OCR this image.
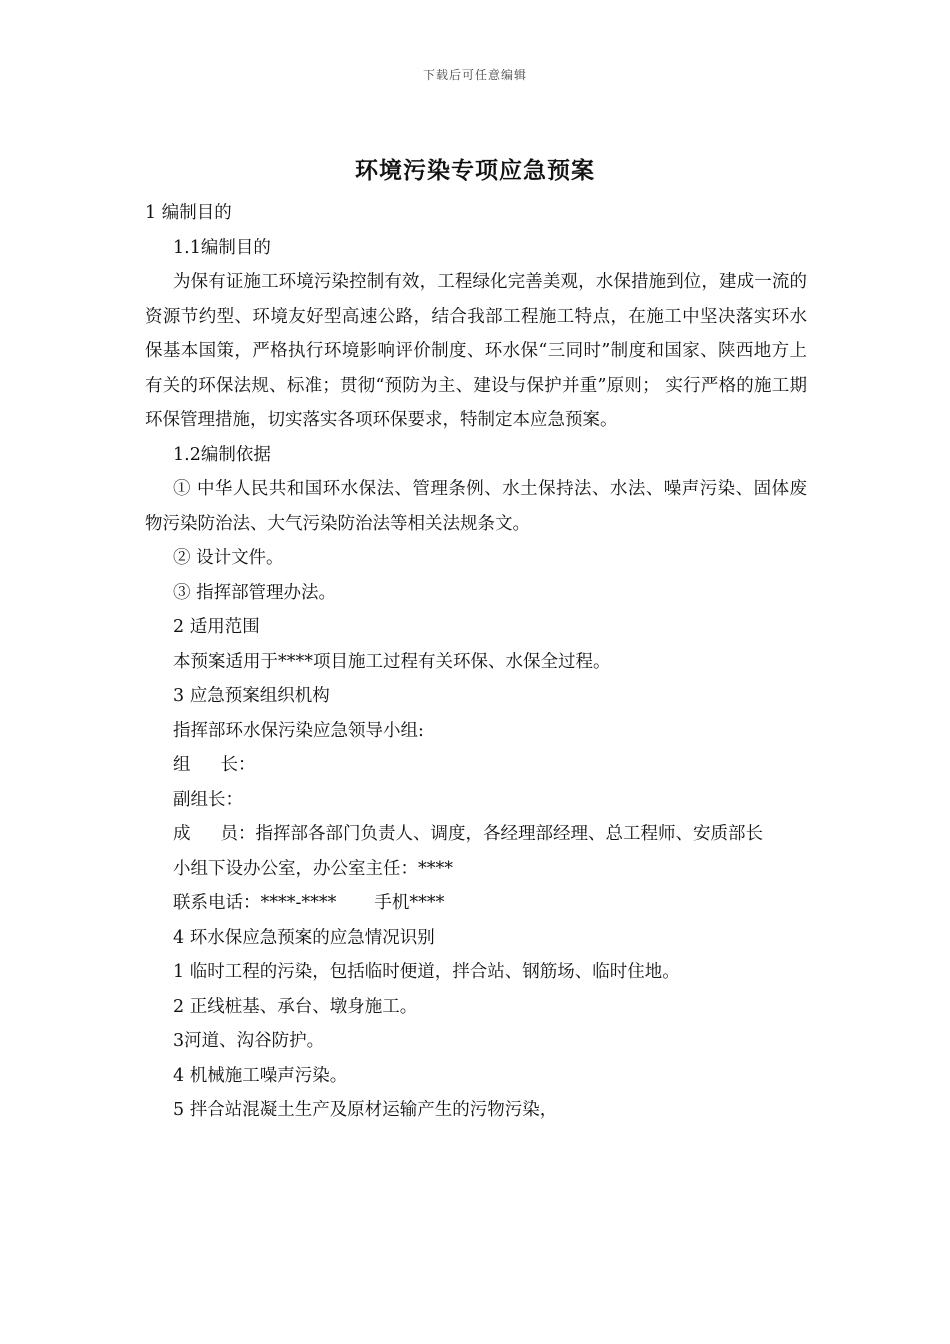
下载后可任意编辑
环境污染专项应急预案

1 编制目的

1.1编制目的

为保有证施工环境污染控制有效，工程绿化完善美观，水保措施到位，建成一流的资源节约型、环境友好型高速公路，结合我部工程施工特点，在施工中坚决落实环水保基本国策，严格执行环境影响评价制度、环水保“三同时”制度和国家、陕西地方上有关的环保法规、标准；贯彻“预防为主、建设与保护并重”原则； 实行严格的施工期环保管理措施，切实落实各项环保要求，特制定本应急预案。

1.2编制依据

① 中华人民共和国环水保法、管理条例、水土保持法、水法、噪声污染、固体废物污染防治法、大气污染防治法等相关法规条文。

② 设计文件。

③ 指挥部管理办法。

2 适用范围

本预案适用于****项目施工过程有关环保、水保全过程。

3 应急预案组织机构

指挥部环水保污染应急领导小组:

组 长：

副组长：

成 员：指挥部各部门负责人、调度，各经理部经理、总工程师、安质部长

小组下设办公室，办公室主任：****

联系电话：****-**** 手机****

4 环水保应急预案的应急情况识别

1 临时工程的污染，包括临时便道，拌合站、钢筋场、临时住地。

2 正线桩基、承台、墩身施工。

3河道、沟谷防护。

4 机械施工噪声污染。

5 拌合站混凝土生产及原材运输产生的污物污染，
